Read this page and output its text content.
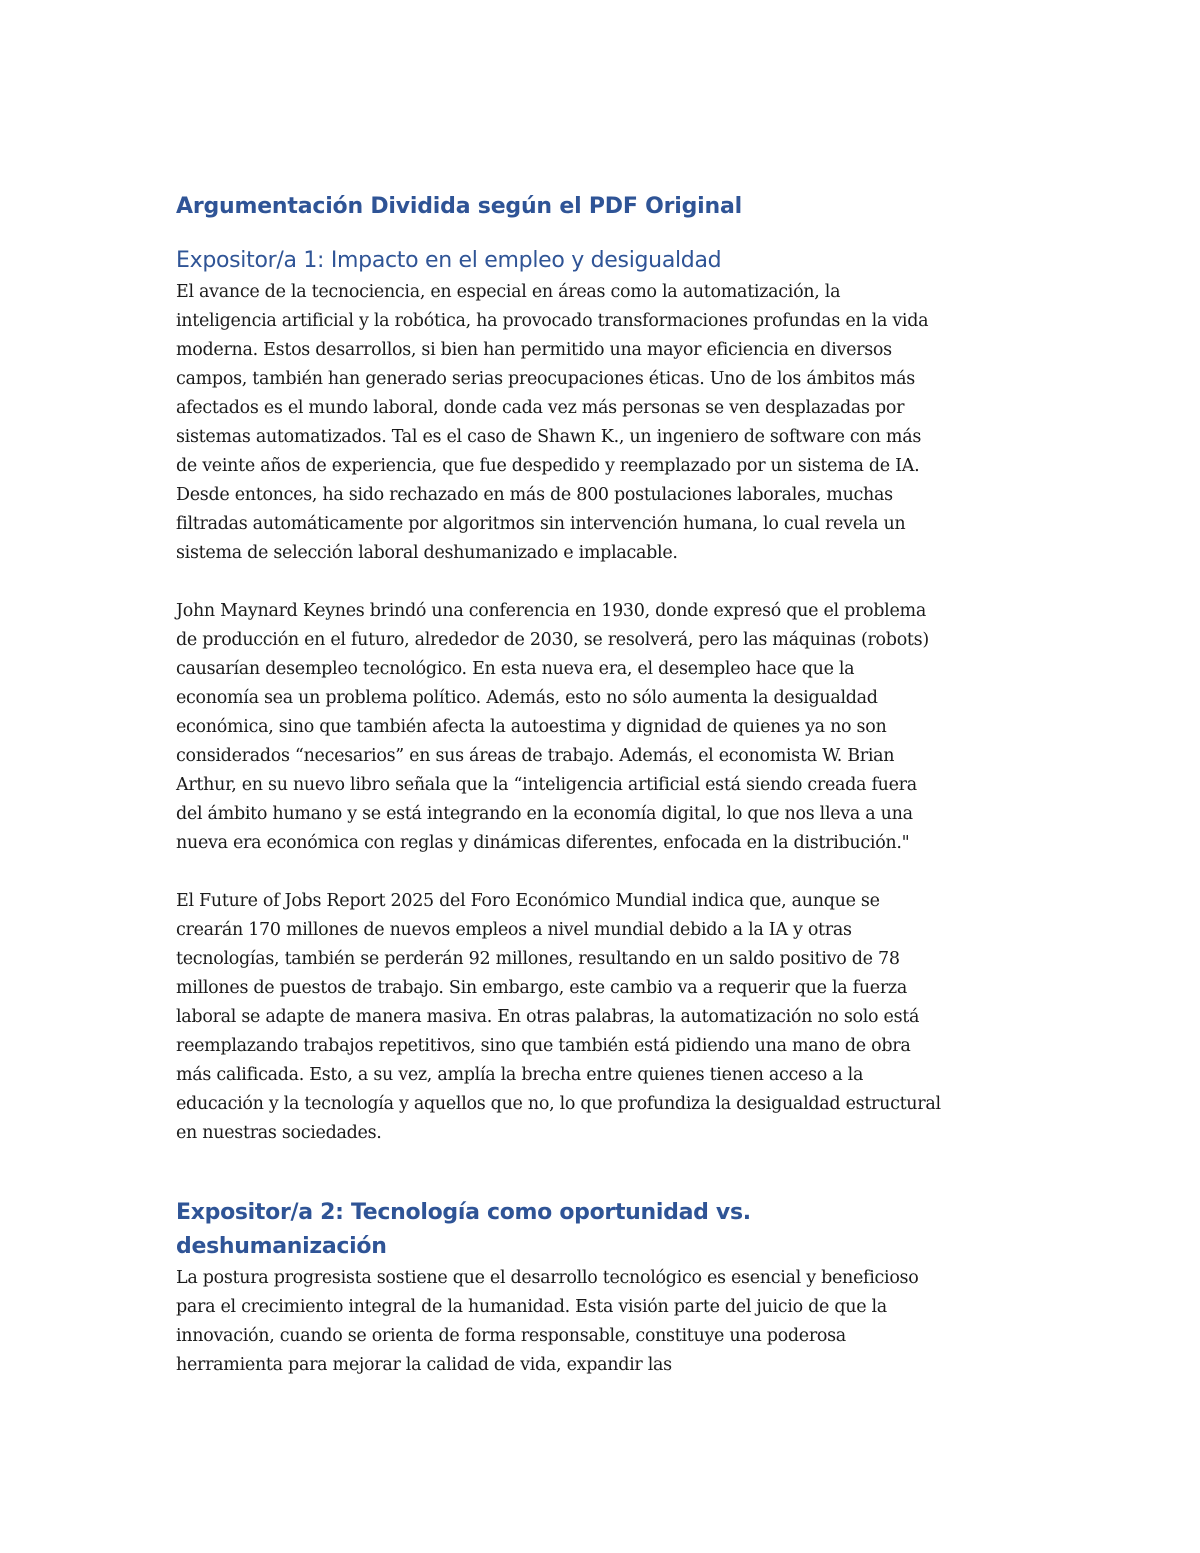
Argumentación Dividida según el PDF Original
Expositor/a 1: Impacto en el empleo y desigualdad

El avance de la tecnociencia, en especial en áreas como la automatización, la inteligencia artificial y la robótica, ha provocado transformaciones profundas en la vida moderna. Estos desarrollos, si bien han permitido una mayor eficiencia en diversos campos, también han generado serias preocupaciones éticas. Uno de los ámbitos más afectados es el mundo laboral, donde cada vez más personas se ven desplazadas por sistemas automatizados. Tal es el caso de Shawn K., un ingeniero de software con más de veinte años de experiencia, que fue despedido y reemplazado por un sistema de IA. Desde entonces, ha sido rechazado en más de 800 postulaciones laborales, muchas filtradas automáticamente por algoritmos sin intervención humana, lo cual revela un sistema de selección laboral deshumanizado e implacable.

John Maynard Keynes brindó una conferencia en 1930, donde expresó que el problema de producción en el futuro, alrededor de 2030, se resolverá, pero las máquinas (robots) causarían desempleo tecnológico. En esta nueva era, el desempleo hace que la economía sea un problema político. Además, esto no sólo aumenta la desigualdad económica, sino que también afecta la autoestima y dignidad de quienes ya no son considerados “necesarios” en sus áreas de trabajo. Además, el economista W. Brian Arthur, en su nuevo libro señala que la “inteligencia artificial está siendo creada fuera del ámbito humano y se está integrando en la economía digital, lo que nos lleva a una nueva era económica con reglas y dinámicas diferentes, enfocada en la distribución."

El Future of Jobs Report 2025 del Foro Económico Mundial indica que, aunque se crearán 170 millones de nuevos empleos a nivel mundial debido a la IA y otras tecnologías, también se perderán 92 millones, resultando en un saldo positivo de 78 millones de puestos de trabajo. Sin embargo, este cambio va a requerir que la fuerza laboral se adapte de manera masiva. En otras palabras, la automatización no solo está reemplazando trabajos repetitivos, sino que también está pidiendo una mano de obra más calificada. Esto, a su vez, amplía la brecha entre quienes tienen acceso a la educación y la tecnología y aquellos que no, lo que profundiza la desigualdad estructural en nuestras sociedades.

Expositor/a 2: Tecnología como oportunidad vs. deshumanización

La postura progresista sostiene que el desarrollo tecnológico es esencial y beneficioso para el crecimiento integral de la humanidad. Esta visión parte del juicio de que la innovación, cuando se orienta de forma responsable, constituye una poderosa herramienta para mejorar la calidad de vida, expandir las
